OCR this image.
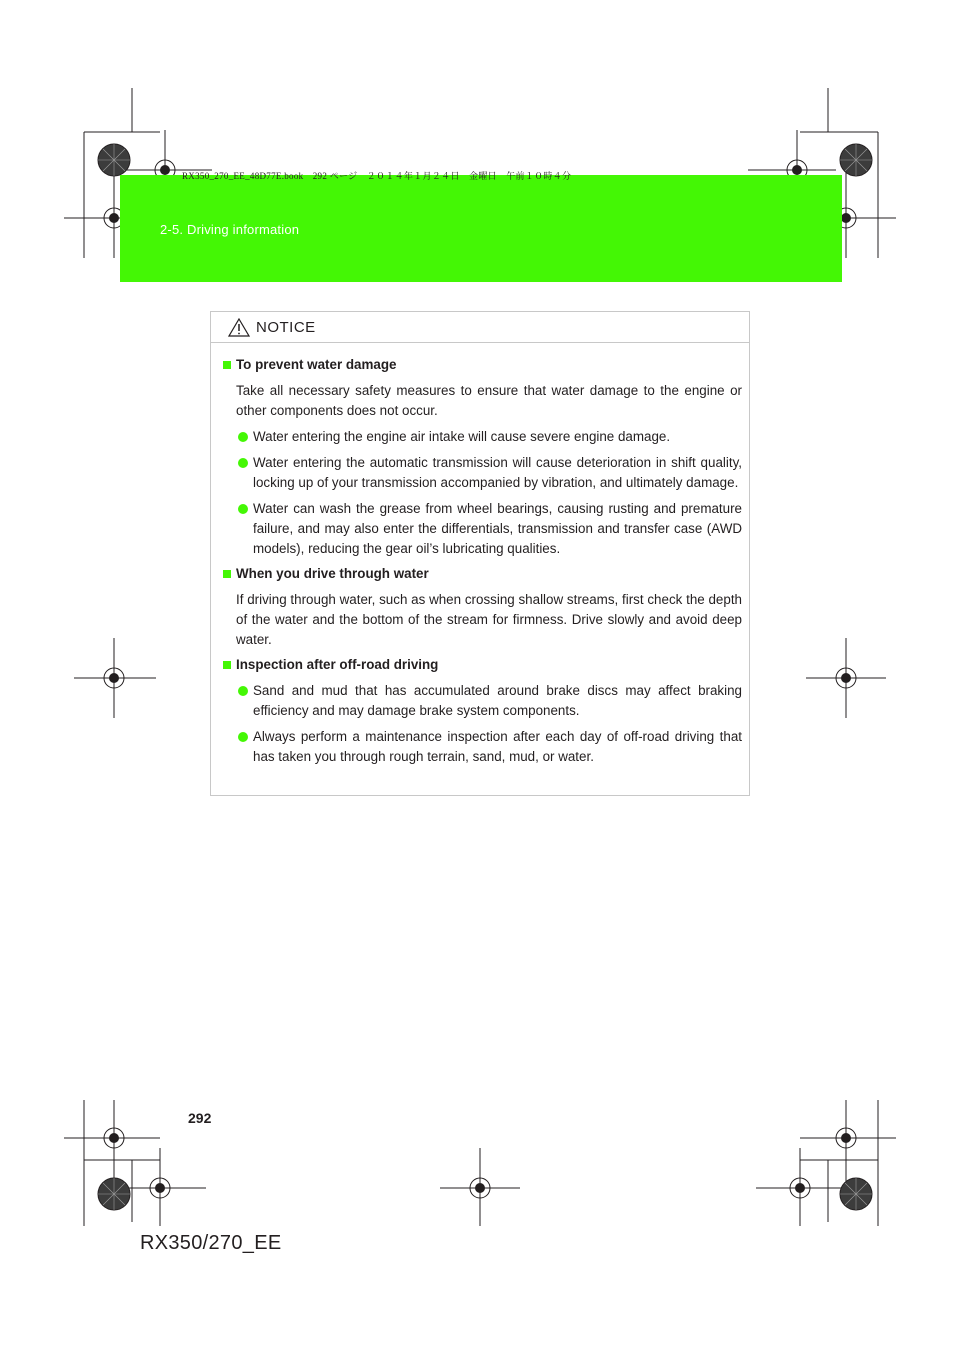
2-5. Driving information
RX350_270_EE_48D77E.book　292 ページ　２０１４年１月２４日　金曜日　午前１０時４分
NOTICE
To prevent water damage
Take all necessary safety measures to ensure that water damage to the engine or other components does not occur.
Water entering the engine air intake will cause severe engine damage.
Water entering the automatic transmission will cause deterioration in shift quality, locking up of your transmission accompanied by vibration, and ultimately damage.
Water can wash the grease from wheel bearings, causing rusting and premature failure, and may also enter the differentials, transmission and transfer case (AWD models), reducing the gear oil’s lubricating qualities.
When you drive through water
If driving through water, such as when crossing shallow streams, first check the depth of the water and the bottom of the stream for firmness. Drive slowly and avoid deep water.
Inspection after off-road driving
Sand and mud that has accumulated around brake discs may affect braking efficiency and may damage brake system components.
Always perform a maintenance inspection after each day of off-road driving that has taken you through rough terrain, sand, mud, or water.
292
RX350/270_EE
